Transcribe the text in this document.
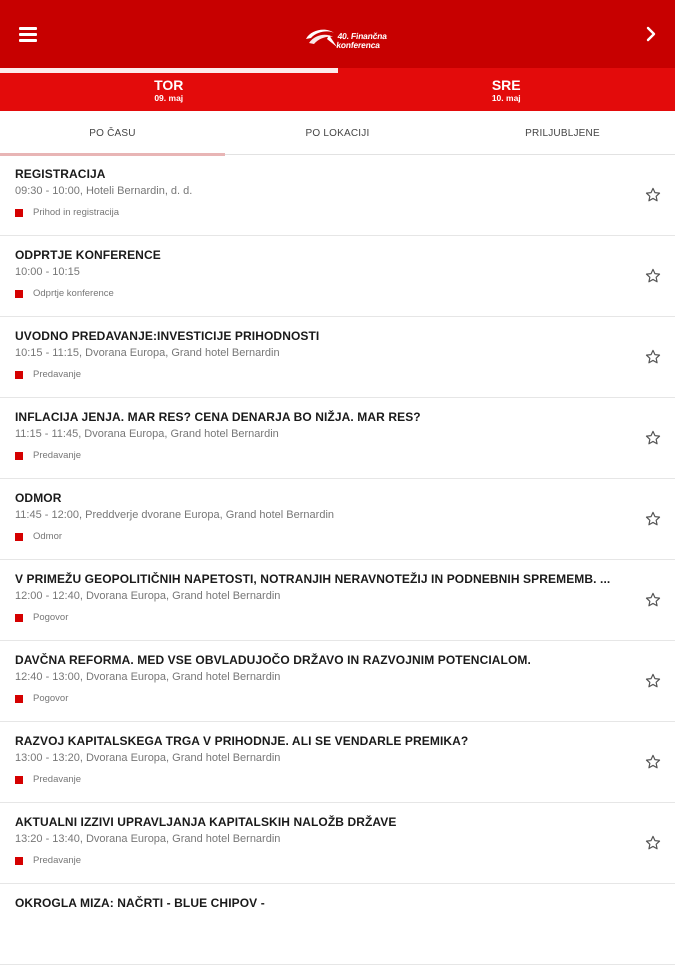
40. Finančna
konferenca
TOR
09. maj
SRE
10. maj
PO ČASU	PO LOKACIJI	PRILJUBLJENE
REGISTRACIJA
09:30 - 10:00, Hoteli Bernardin, d. d.
Prihod in registracija
ODPRTJE KONFERENCE
10:00 - 10:15
Odprtje konference
UVODNO PREDAVANJE:INVESTICIJE PRIHODNOSTI
10:15 - 11:15, Dvorana Europa, Grand hotel Bernardin
Predavanje
INFLACIJA JENJA. MAR RES? CENA DENARJA BO NIŽJA. MAR RES?
11:15 - 11:45, Dvorana Europa, Grand hotel Bernardin
Predavanje
ODMOR
11:45 - 12:00, Preddverje dvorane Europa, Grand hotel Bernardin
Odmor
V PRIMEŽU GEOPOLITIČNIH NAPETOSTI, NOTRANJIH NERAVNOTEŽIJ IN PODNEBNIH SPREMEMB. ...
12:00 - 12:40, Dvorana Europa, Grand hotel Bernardin
Pogovor
DAVČNA REFORMA. MED VSE OBVLADUJOČO DRŽAVO IN RAZVOJNIM POTENCIALOM.
12:40 - 13:00, Dvorana Europa, Grand hotel Bernardin
Pogovor
RAZVOJ KAPITALSKEGA TRGA V PRIHODNJE. ALI SE VENDARLE PREMIKA?
13:00 - 13:20, Dvorana Europa, Grand hotel Bernardin
Predavanje
AKTUALNI IZZIVI UPRAVLJANJA KAPITALSKIH NALOŽB DRŽAVE
13:20 - 13:40, Dvorana Europa, Grand hotel Bernardin
Predavanje
OKROGLA MIZA: NAČRTI - BLUE CHIPOV -
